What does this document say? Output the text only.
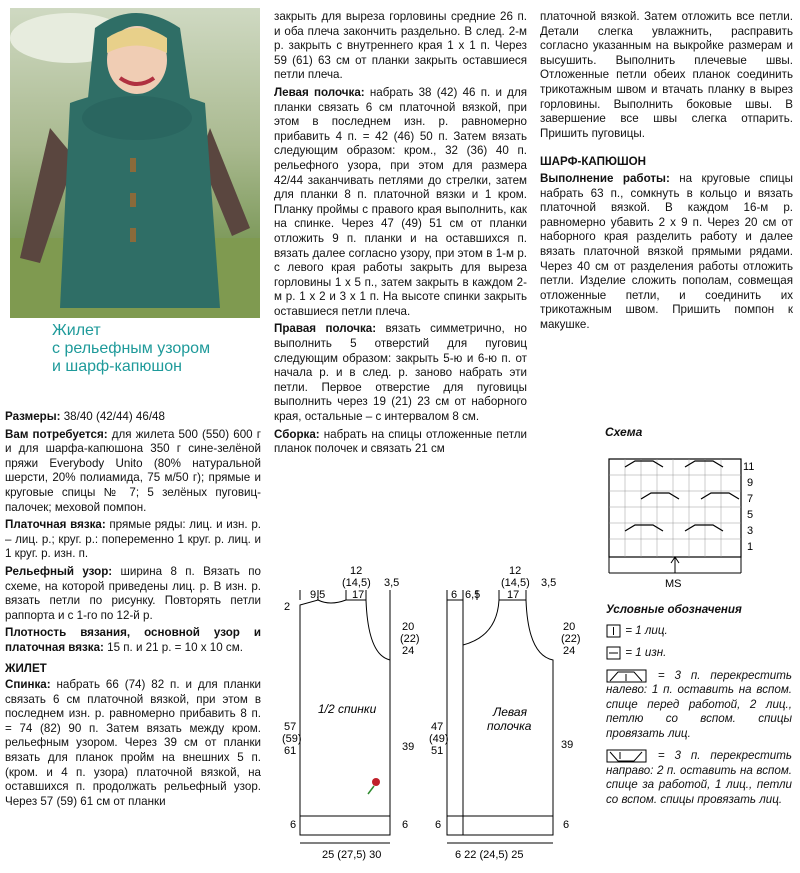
Жилет
с рельефным узором
и шарф-капюшон

Размеры: 38/40 (42/44) 46/48

Вам потребуется: для жилета 500 (550) 600 г и для шарфа-капюшона 350 г сине-зелёной пряжи Everybody Unito (80% натуральной шерсти, 20% полиамида, 75 м/50 г); прямые и круговые спицы № 7; 5 зелёных пуговиц-палочек; меховой помпон.

Платочная вязка: прямые ряды: лиц. и изн. р. – лиц. р.; круг. р.: попеременно 1 круг. р. лиц. и 1 круг. р. изн. п.

Рельефный узор: ширина 8 п. Вязать по схеме, на которой приведены лиц. р. В изн. р. вязать петли по рисунку. Повторять петли раппорта и с 1-го по 12-й р.

Плотность вязания, основной узор и платочная вязка: 15 п. и 21 р. = 10 х 10 см.

ЖИЛЕТ

Спинка: набрать 66 (74) 82 п. и для планки связать 6 см платочной вязкой, при этом в последнем изн. р. равномерно прибавить 8 п. = 74 (82) 90 п. Затем вязать между кром. рельефным узором. Через 39 см от планки вязать для планок пройм на внешних 5 п. (кром. и 4 п. узора) платочной вязкой, на оставшихся п. продолжать рельефный узор. Через 57 (59) 61 см от планки

закрыть для выреза горловины средние 26 п. и оба плеча закончить раздельно. В след. 2-м р. закрыть с внутреннего края 1 х 1 п. Через 59 (61) 63 см от планки закрыть оставшиеся петли плеча.

Левая полочка: набрать 38 (42) 46 п. и для планки связать 6 см платочной вязкой, при этом в последнем изн. р. равномерно прибавить 4 п. = 42 (46) 50 п. Затем вязать следующим образом: кром., 32 (36) 40 п. рельефного узора, при этом для размера 42/44 заканчивать петлями до стрелки, затем для планки 8 п. платочной вязки и 1 кром. Планку проймы с правого края выполнить, как на спинке. Через 47 (49) 51 см от планки отложить 9 п. планки и на оставшихся п. вязать далее согласно узору, при этом в 1-м р. с левого края работы закрыть для выреза горловины 1 х 5 п., затем закрыть в каждом 2-м р. 1 х 2 и 3 х 1 п. На высоте спинки закрыть оставшиеся петли плеча.

Правая полочка: вязать симметрично, но выполнить 5 отверстий для пуговиц следующим образом: закрыть 5-ю и 6-ю п. от начала р. и в след. р. заново набрать эти петли. Первое отверстие для пуговицы выполнить через 19 (21) 23 см от наборного края, остальные – с интервалом 8 см.

Сборка: набрать на спицы отложенные петли планок полочек и связать 21 см

платочной вязкой. Затем отложить все петли. Детали слегка увлажнить, расправить согласно указанным на выкройке размерам и высушить. Выполнить плечевые швы. Отложенные петли обеих планок соединить трикотажным швом и втачать планку в вырез горловины. Выполнить боковые швы. В завершение все швы слегка отпарить. Пришить пуговицы.

ШАРФ-КАПЮШОН

Выполнение работы: на круговые спицы набрать 63 п., сомкнуть в кольцо и вязать платочной вязкой. В каждом 16-м р. равномерно убавить 2 х 9 п. Через 20 см от наборного края разделить работу и далее вязать платочной вязкой прямыми рядами. Через 40 см от разделения работы отложить петли. Изделие сложить пополам, совмещая отложенные петли, и соединить их трикотажным швом. Пришить помпон к макушке.

Схема
11
9
7
5
3
1
MS
Условные обозначения
= 1 лиц.
= 1 изн.
= 3 п. перекрестить налево: 1 п. оставить на вспом. спице перед работой, 2 лиц., петлю со вспом. спицы провязать лиц.
= 3 п. перекрестить направо: 2 п. оставить на вспом. спице за работой, 1 лиц., петли со вспом. спицы провязать лиц.
9,5
12
(14,5)
17
3,5
2
20
(22)
24
57
(59)
61	39
6	6
25 (27,5) 30
1/2 спинки
6 6,5
12
(14,5)
17
3,5
20
(22)
24
47
(49)
51	39
6	6
6 22 (24,5) 25
Левая
полочка
